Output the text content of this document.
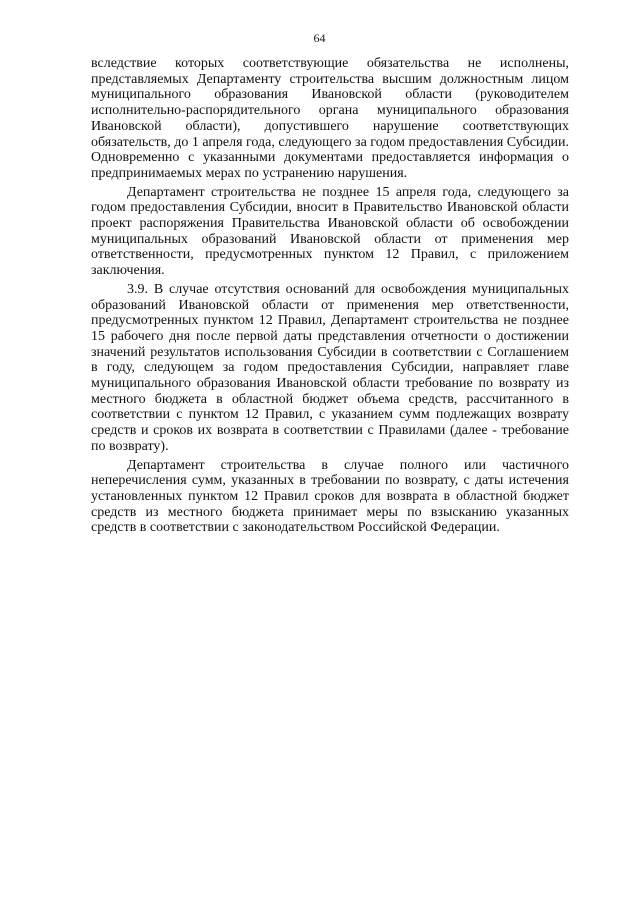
64

вследствие которых соответствующие обязательства не исполнены, представляемых Департаменту строительства высшим должностным лицом муниципального образования Ивановской области (руководителем исполнительно-распорядительного органа муниципального образования Ивановской области), допустившего нарушение соответствующих обязательств, до 1 апреля года, следующего за годом предоставления Субсидии. Одновременно с указанными документами предоставляется информация о предпринимаемых мерах по устранению нарушения.

Департамент строительства не позднее 15 апреля года, следующего за годом предоставления Субсидии, вносит в Правительство Ивановской области проект распоряжения Правительства Ивановской области об освобождении муниципальных образований Ивановской области от применения мер ответственности, предусмотренных пунктом 12 Правил, с приложением заключения.

3.9. В случае отсутствия оснований для освобождения муниципальных образований Ивановской области от применения мер ответственности, предусмотренных пунктом 12 Правил, Департамент строительства не позднее 15 рабочего дня после первой даты представления отчетности о достижении значений результатов использования Субсидии в соответствии с Соглашением в году, следующем за годом предоставления Субсидии, направляет главе муниципального образования Ивановской области требование по возврату из местного бюджета в областной бюджет объема средств, рассчитанного в соответствии с пунктом 12 Правил, с указанием сумм подлежащих возврату средств и сроков их возврата в соответствии с Правилами (далее - требование по возврату).

Департамент строительства в случае полного или частичного неперечисления сумм, указанных в требовании по возврату, с даты истечения установленных пунктом 12 Правил сроков для возврата в областной бюджет средств из местного бюджета принимает меры по взысканию указанных средств в соответствии с законодательством Российской Федерации.
